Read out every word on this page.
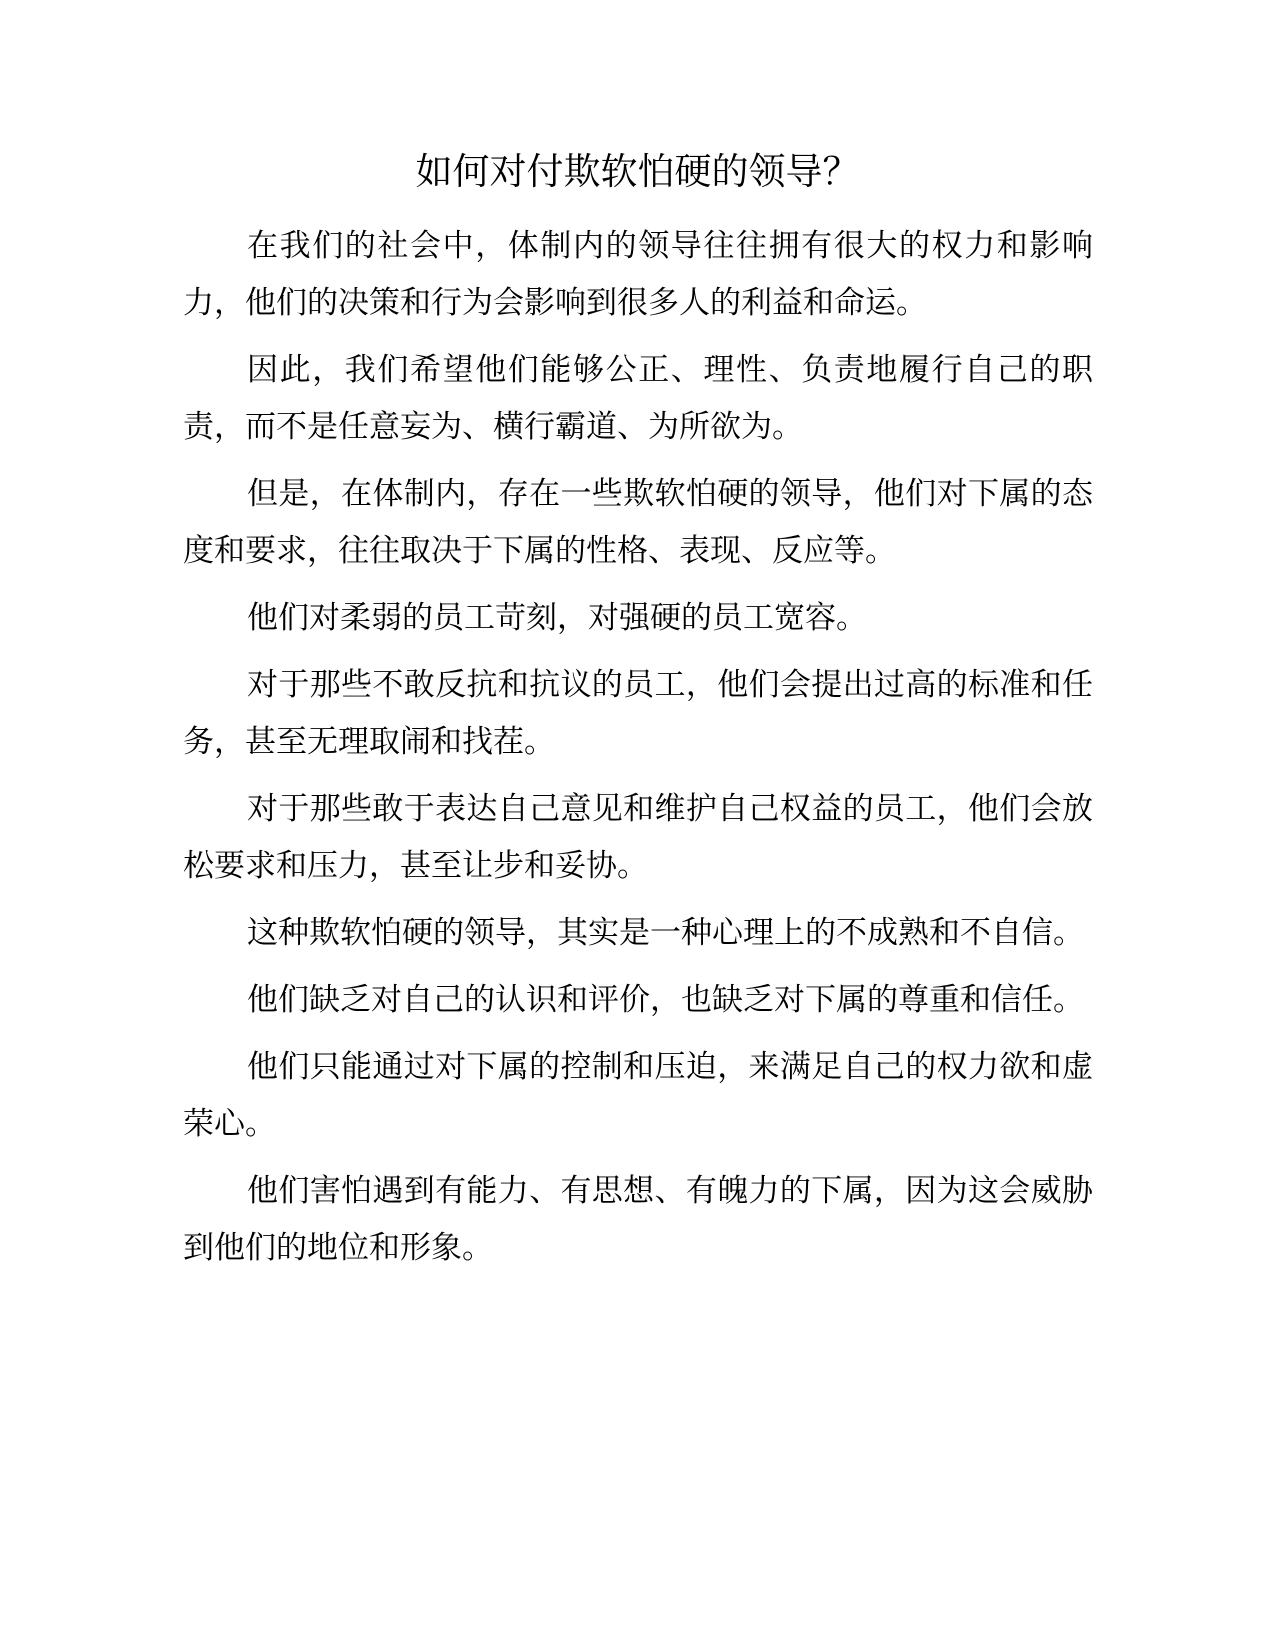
如何对付欺软怕硬的领导？

在我们的社会中，体制内的领导往往拥有很大的权力和影响力，他们的决策和行为会影响到很多人的利益和命运。

因此，我们希望他们能够公正、理性、负责地履行自己的职责，而不是任意妄为、横行霸道、为所欲为。

但是，在体制内，存在一些欺软怕硬的领导，他们对下属的态度和要求，往往取决于下属的性格、表现、反应等。

他们对柔弱的员工苛刻，对强硬的员工宽容。

对于那些不敢反抗和抗议的员工，他们会提出过高的标准和任务，甚至无理取闹和找茬。

对于那些敢于表达自己意见和维护自己权益的员工，他们会放松要求和压力，甚至让步和妥协。

这种欺软怕硬的领导，其实是一种心理上的不成熟和不自信。

他们缺乏对自己的认识和评价，也缺乏对下属的尊重和信任。

他们只能通过对下属的控制和压迫，来满足自己的权力欲和虚荣心。

他们害怕遇到有能力、有思想、有魄力的下属，因为这会威胁到他们的地位和形象。
